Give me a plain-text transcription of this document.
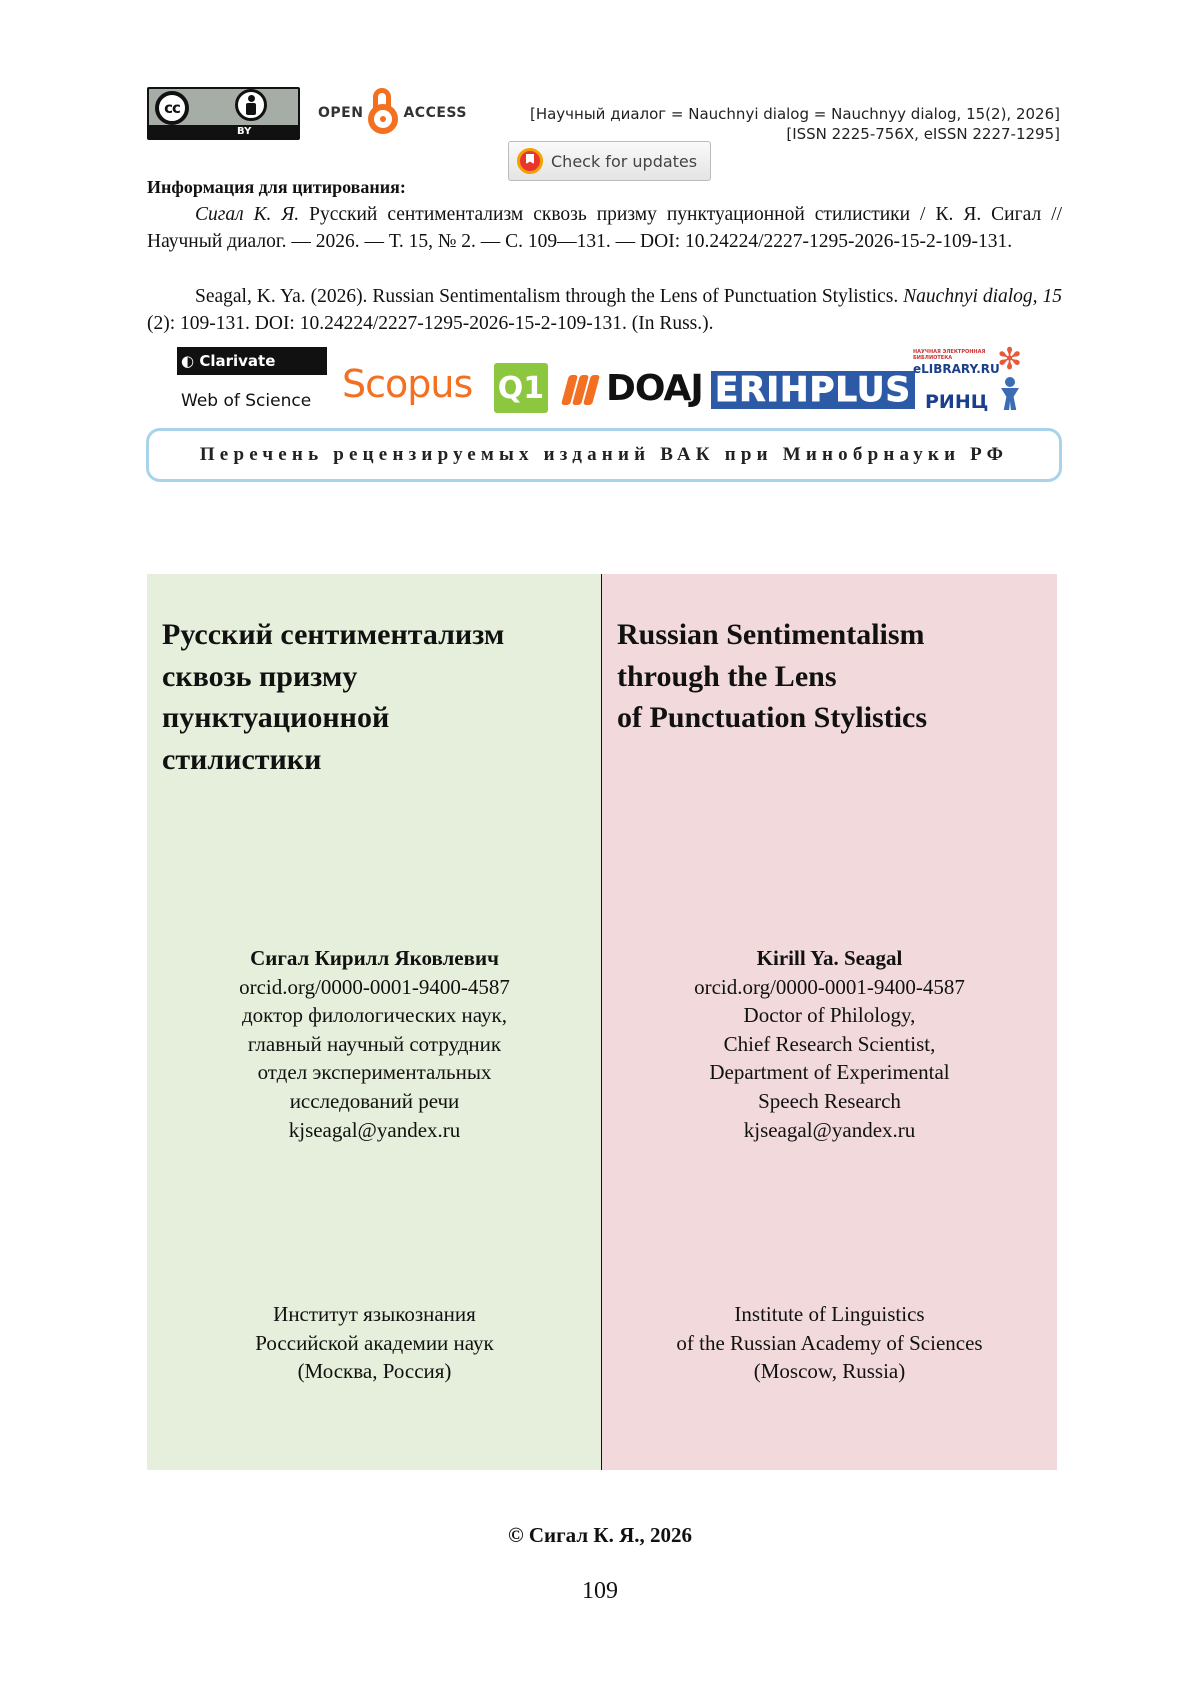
cc
BY
OPEN	ACCESS	[Научный диалог = Nauchnyi dialog = Nauchnyy dialog, 15(2), 2026]
[ISSN 2225-756X, eISSN 2227-1295]
Check for updates
Информация для цитирования:

Сигал К. Я. Русский сентиментализм сквозь призму пунктуационной стилистики / К. Я. Сигал // Научный диалог. — 2026. — Т. 15, № 2. — С. 109—131. — DOI: 10.24224/2227-1295-2026-15-2-109-131.

Seagal, K. Ya. (2026). Russian Sentimentalism through the Lens of Punctuation Stylistics. Nauchnyi dialog, 15 (2): 109-131. DOI: 10.24224/2227-1295-2026-15-2-109-131. (In Russ.).

◐ Clarivate
Web of Science Scopus Q1 DOAJ ERIHPLUS
НАУЧНАЯ ЭЛЕКТРОННАЯ БИБЛИОТЕКА
eLIBRARY.RU
РИНЦ
✻
Перечень рецензируемых изданий ВАК при Минобрнауки РФ
Русский сентиментализм
сквозь призму
пунктуационной
стилистики
Сигал Кирилл Яковлевич
orcid.org/0000-0001-9400-4587
доктор филологических наук,
главный научный сотрудник
отдел экспериментальных
исследований речи
kjseagal@yandex.ru
Институт языкознания
Российской академии наук
(Москва, Россия)
Russian Sentimentalism
through the Lens
of Punctuation Stylistics
Kirill Ya. Seagal
orcid.org/0000-0001-9400-4587
Doctor of Philology,
Chief Research Scientist,
Department of Experimental
Speech Research
kjseagal@yandex.ru
Institute of Linguistics
of the Russian Academy of Sciences
(Moscow, Russia)
© Сигал К. Я., 2026
109
